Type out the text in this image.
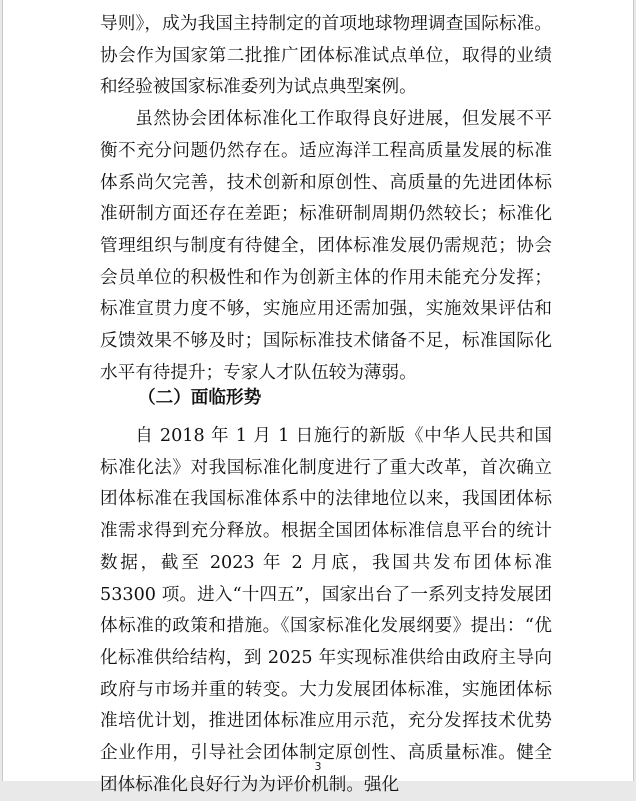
导则》，成为我国主持制定的首项地球物理调查国际标准。协会作为国家第二批推广团体标准试点单位，取得的业绩和经验被国家标准委列为试点典型案例。

虽然协会团体标准化工作取得良好进展，但发展不平衡不充分问题仍然存在。适应海洋工程高质量发展的标准体系尚欠完善，技术创新和原创性、高质量的先进团体标准研制方面还存在差距；标准研制周期仍然较长；标准化管理组织与制度有待健全，团体标准发展仍需规范；协会会员单位的积极性和作为创新主体的作用未能充分发挥；标准宣贯力度不够，实施应用还需加强，实施效果评估和反馈效果不够及时；国际标准技术储备不足，标准国际化水平有待提升；专家人才队伍较为薄弱。

（二）面临形势

自 2018 年 1 月 1 日施行的新版《中华人民共和国标准化法》对我国标准化制度进行了重大改革，首次确立团体标准在我国标准体系中的法律地位以来，我国团体标准需求得到充分释放。根据全国团体标准信息平台的统计数据，截至 2023 年 2 月底，我国共发布团体标准 53300 项。进入“十四五”，国家出台了一系列支持发展团体标准的政策和措施。《国家标准化发展纲要》提出：“优化标准供给结构，到 2025 年实现标准供给由政府主导向政府与市场并重的转变。大力发展团体标准，实施团体标准培优计划，推进团体标准应用示范，充分发挥技术优势企业作用，引导社会团体制定原创性、高质量标准。健全团体标准化良好行为为评价机制。强化

3
